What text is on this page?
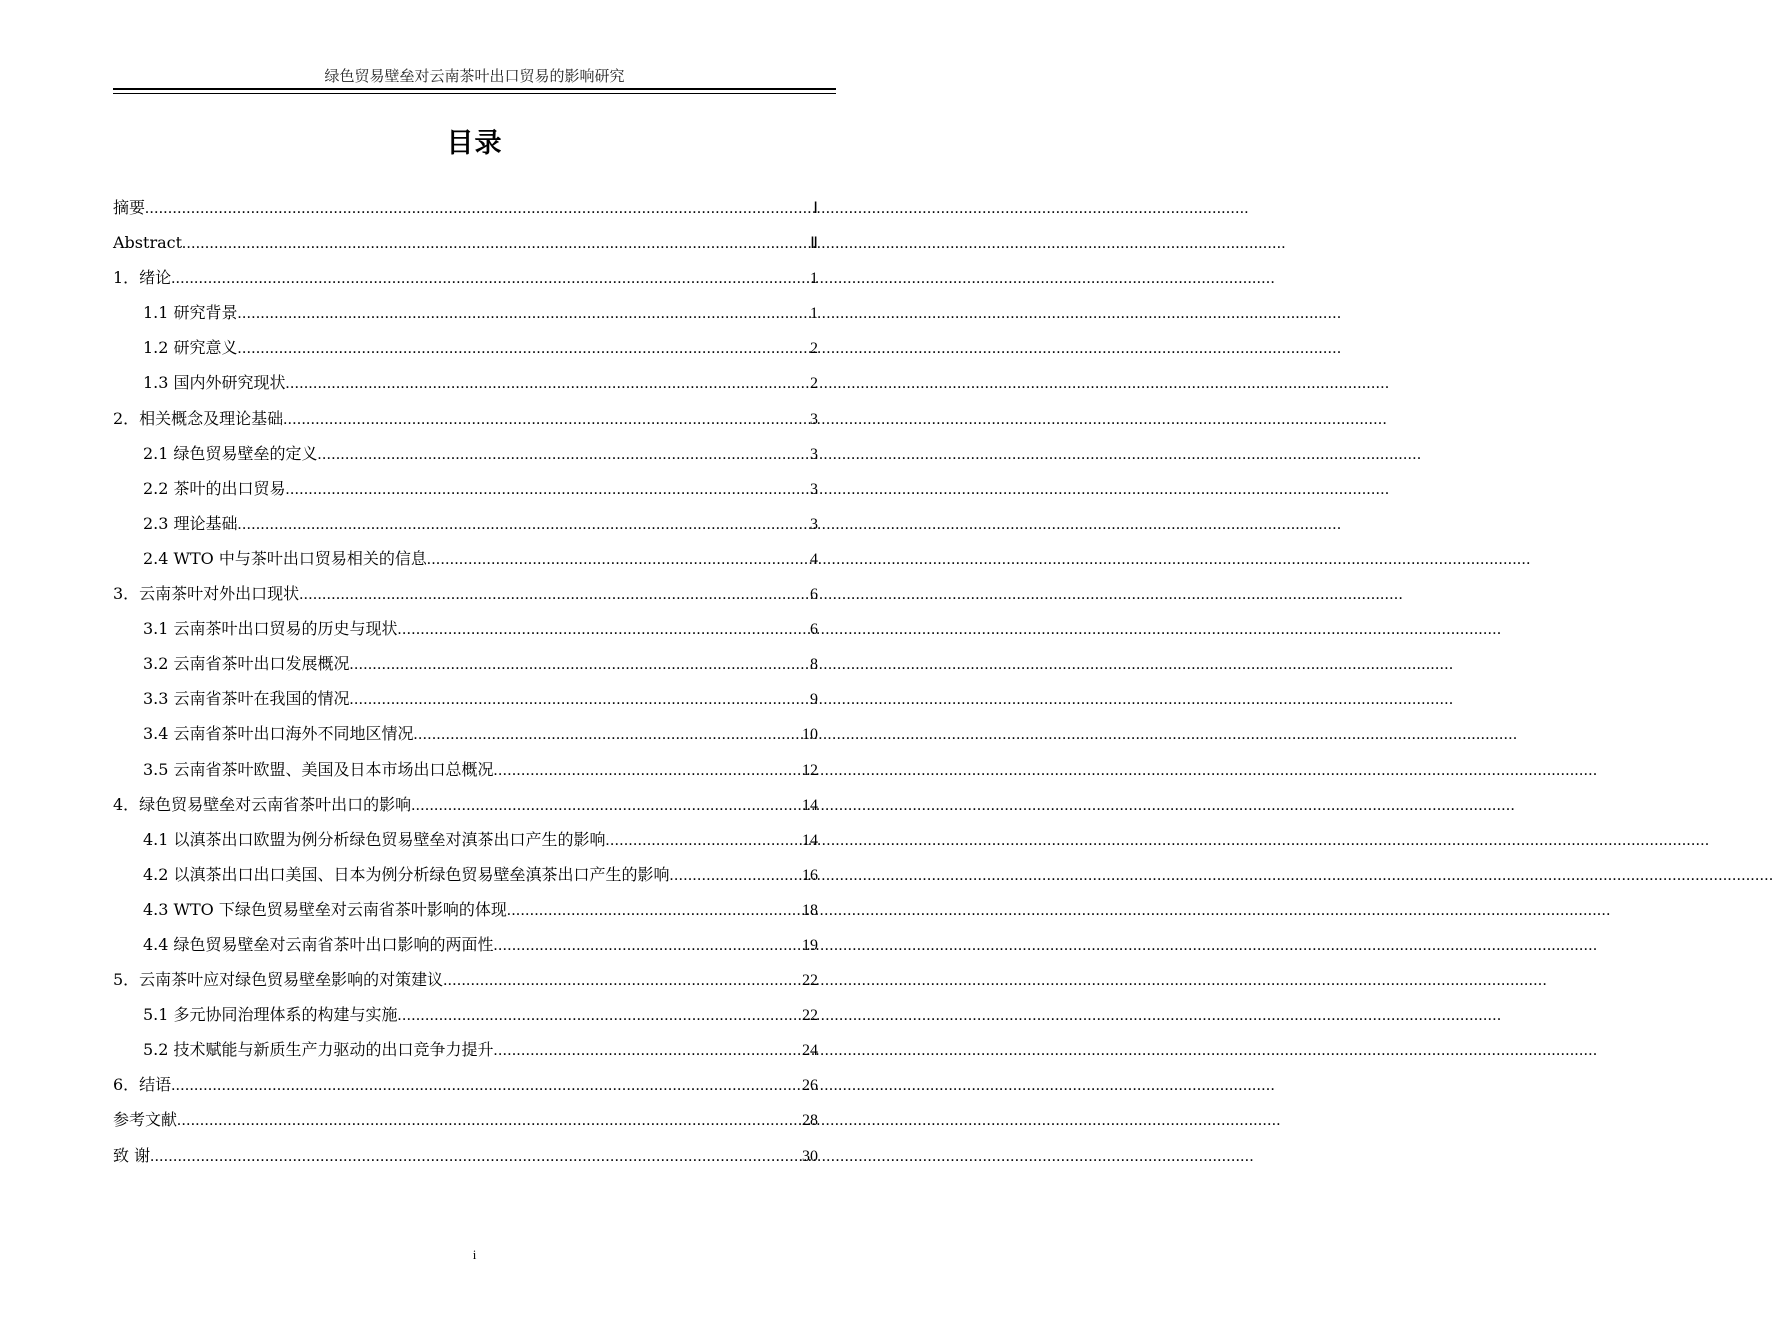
绿色贸易壁垒对云南茶叶出口贸易的影响研究
目录
摘要 .....	Ⅰ
Abstract .....	Ⅱ
1．绪论 .....	1
1.1 研究背景 .....	1
1.2 研究意义 .....	2
1.3 国内外研究现状 .....	2
2．相关概念及理论基础 .....	3
2.1 绿色贸易壁垒的定义 .....	3
2.2 茶叶的出口贸易 .....	3
2.3 理论基础 .....	3
2.4 WTO 中与茶叶出口贸易相关的信息 .....	4
3．云南茶叶对外出口现状 .....	6
3.1 云南茶叶出口贸易的历史与现状 .....	6
3.2 云南省茶叶出口发展概况 .....	8
3.3 云南省茶叶在我国的情况 .....	9
3.4 云南省茶叶出口海外不同地区情况 .....	10
3.5 云南省茶叶欧盟、美国及日本市场出口总概况 .....	12
4．绿色贸易壁垒对云南省茶叶出口的影响 .....	14
4.1 以滇茶出口欧盟为例分析绿色贸易壁垒对滇茶出口产生的影响 .....	14
4.2 以滇茶出口出口美国、日本为例分析绿色贸易壁垒滇茶出口产生的影响 .....	16
4.3 WTO 下绿色贸易壁垒对云南省茶叶影响的体现 .....	18
4.4 绿色贸易壁垒对云南省茶叶出口影响的两面性 .....	19
5．云南茶叶应对绿色贸易壁垒影响的对策建议 .....	22
5.1 多元协同治理体系的构建与实施 .....	22
5.2 技术赋能与新质生产力驱动的出口竞争力提升 .....	24
6．结语 .....	26
参考文献 .....	28
致 谢 .....	30
i
